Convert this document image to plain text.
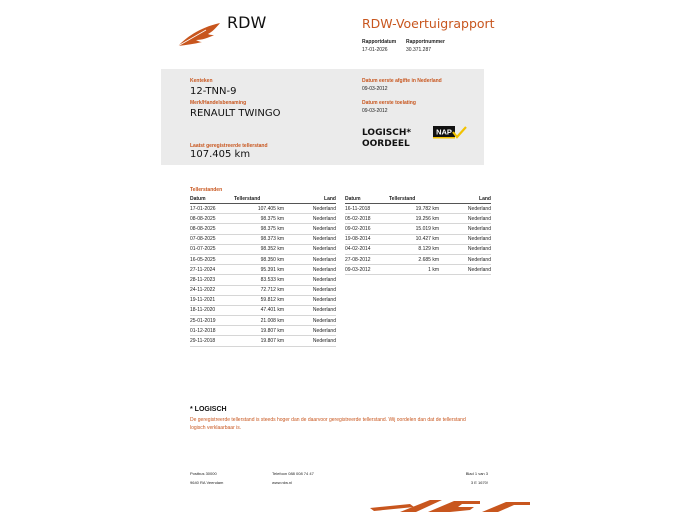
RDW	RDW-Voertuigrapport
Rapportdatum
17-01-2026
Rapportnummer
30.371.287
Kenteken
12-TNN-9
Merk/Handelsbenaming
RENAULT TWINGO
Laatst geregistreerde tellerstand
107.405 km
Datum eerste afgifte in Nederland
09-03-2012
Datum eerste toelating
09-03-2012
LOGISCH*
OORDEEL
NAP
Tellerstanden
Datum	Tellerstand	Land
17-01-2026	107.405 km	Nederland
08-08-2025	98.375 km	Nederland
08-08-2025	98.375 km	Nederland
07-08-2025	98.373 km	Nederland
01-07-2025	98.352 km	Nederland
16-05-2025	98.350 km	Nederland
27-11-2024	95.391 km	Nederland
28-11-2023	83.533 km	Nederland
24-11-2022	72.712 km	Nederland
19-11-2021	59.812 km	Nederland
18-11-2020	47.401 km	Nederland
25-01-2019	21.008 km	Nederland
01-12-2018	19.807 km	Nederland
29-11-2018	19.807 km	Nederland
Datum	Tellerstand	Land
16-11-2018	19.782 km	Nederland
05-02-2018	19.256 km	Nederland
09-02-2016	15.019 km	Nederland
19-08-2014	10.427 km	Nederland
04-02-2014	8.129 km	Nederland
27-08-2012	2.685 km	Nederland
09-03-2012	1 km	Nederland
* LOGISCH
De geregistreerde tellerstand is steeds hoger dan de daarvoor geregistreerde tellerstand. Wij oordelen dan dat de tellerstand logisch verklaarbaar is.
Postbus 30000
9640 RA Veendam
Telefoon 088 008 74 47
www.rdw.nl
Blad 1 van 3
3 E 1670!
